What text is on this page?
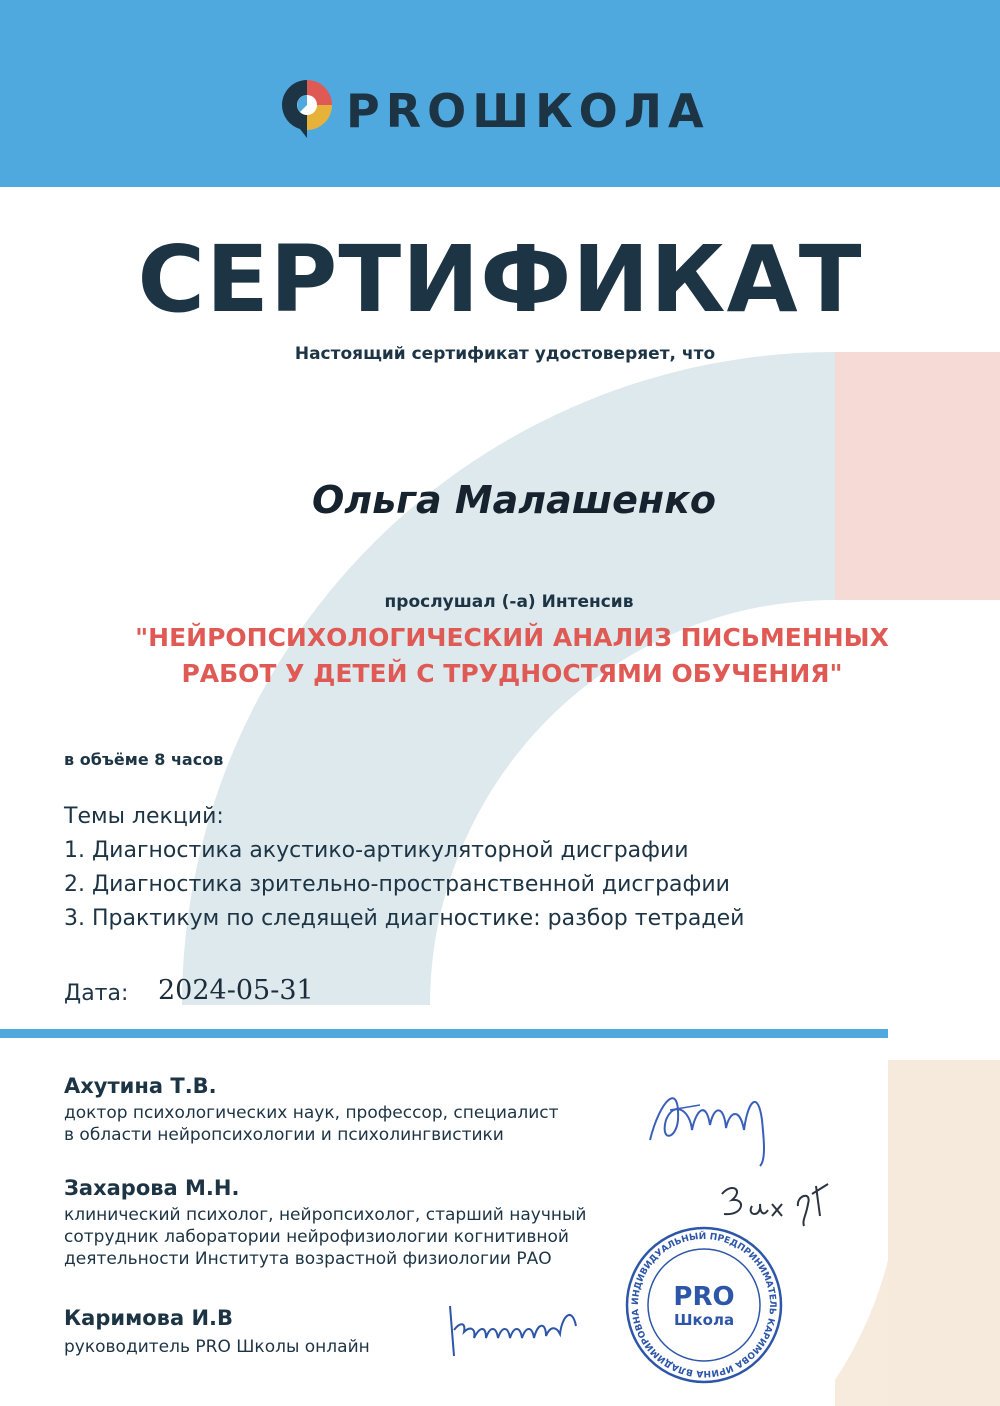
PRОШКОЛА
СЕРТИФИКАТ
Настоящий сертификат удостоверяет, что
Ольга Малашенко
прослушал (-а) Интенсив
"НЕЙРОПСИХОЛОГИЧЕСКИЙ АНАЛИЗ ПИСЬМЕННЫХ
РАБОТ У ДЕТЕЙ С ТРУДНОСТЯМИ ОБУЧЕНИЯ"
в объёме 8 часов
Темы лекций:
1. Диагностика акустико-артикуляторной дисграфии
2. Диагностика зрительно-пространственной дисграфии
3. Практикум по следящей диагностике: разбор тетрадей
Дата: 2024-05-31
Ахутина Т.В.
доктор психологических наук, профессор, специалист
в области нейропсихологии и психолингвистики
Захарова М.Н.
клинический психолог, нейропсихолог, старший научный
сотрудник лаборатории нейрофизиологии когнитивной
деятельности Института возрастной физиологии РАО
Каримова И.В
руководитель PRO Школы онлайн
ИНДИВИДУАЛЬНЫЙ ПРЕДПРИНИМАТЕЛЬ КАРИМОВА ИРИНА ВЛАДИМИРОВНА
PRO
Школа
